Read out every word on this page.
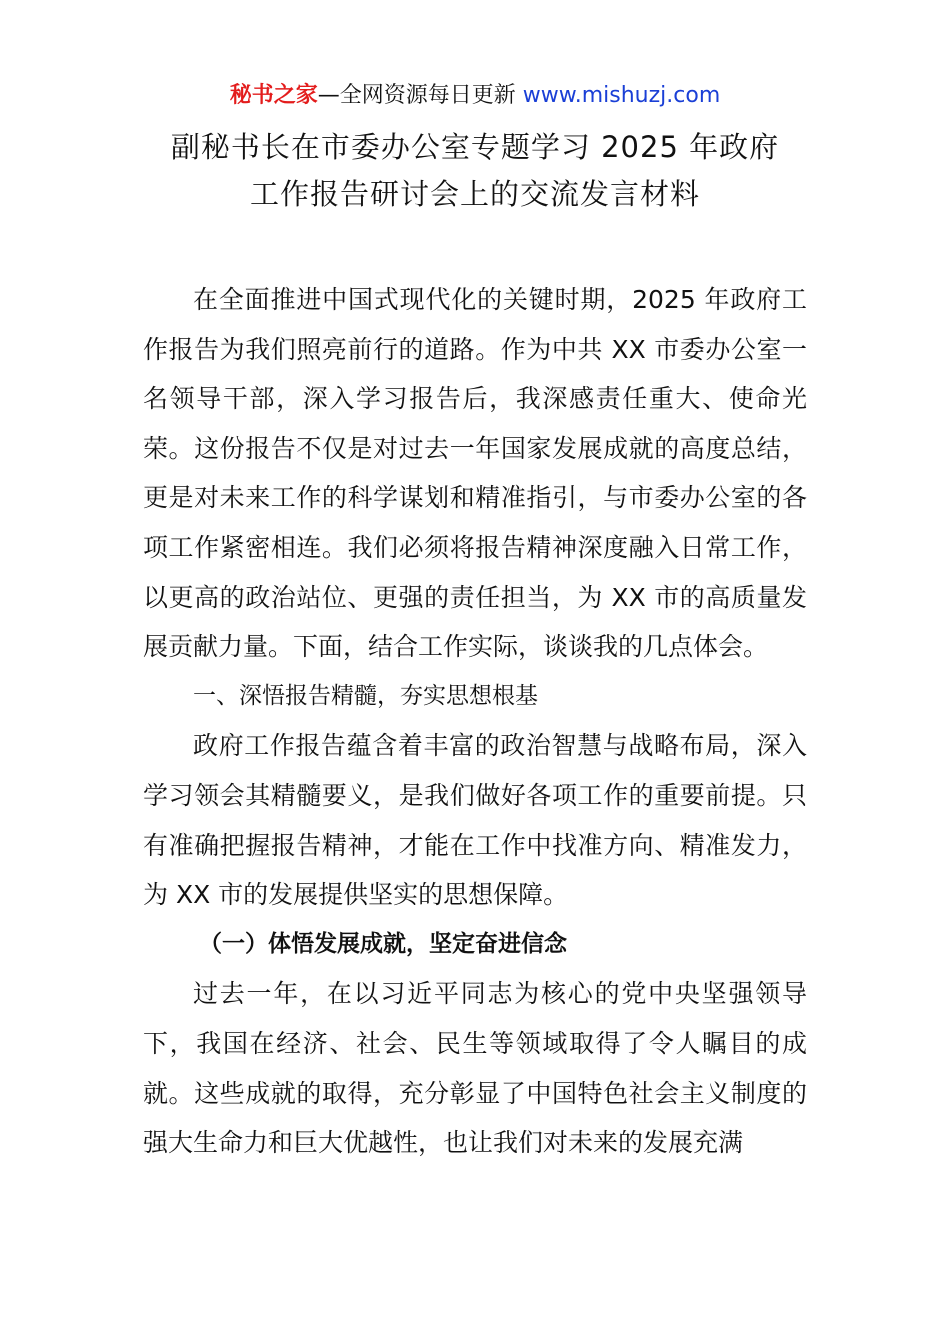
秘书之家—全网资源每日更新 www.mishuzj.com
副秘书长在市委办公室专题学习 2025 年政府
工作报告研讨会上的交流发言材料

在全面推进中国式现代化的关键时期，2025 年政府工作报告为我们照亮前行的道路。作为中共 XX 市委办公室一名领导干部，深入学习报告后，我深感责任重大、使命光荣。这份报告不仅是对过去一年国家发展成就的高度总结，更是对未来工作的科学谋划和精准指引，与市委办公室的各项工作紧密相连。我们必须将报告精神深度融入日常工作，以更高的政治站位、更强的责任担当，为 XX 市的高质量发展贡献力量。下面，结合工作实际，谈谈我的几点体会。

一、深悟报告精髓，夯实思想根基

政府工作报告蕴含着丰富的政治智慧与战略布局，深入学习领会其精髓要义，是我们做好各项工作的重要前提。只有准确把握报告精神，才能在工作中找准方向、精准发力，为 XX 市的发展提供坚实的思想保障。

（一）体悟发展成就，坚定奋进信念

过去一年，在以习近平同志为核心的党中央坚强领导下，我国在经济、社会、民生等领域取得了令人瞩目的成就。这些成就的取得，充分彰显了中国特色社会主义制度的强大生命力和巨大优越性，也让我们对未来的发展充满
